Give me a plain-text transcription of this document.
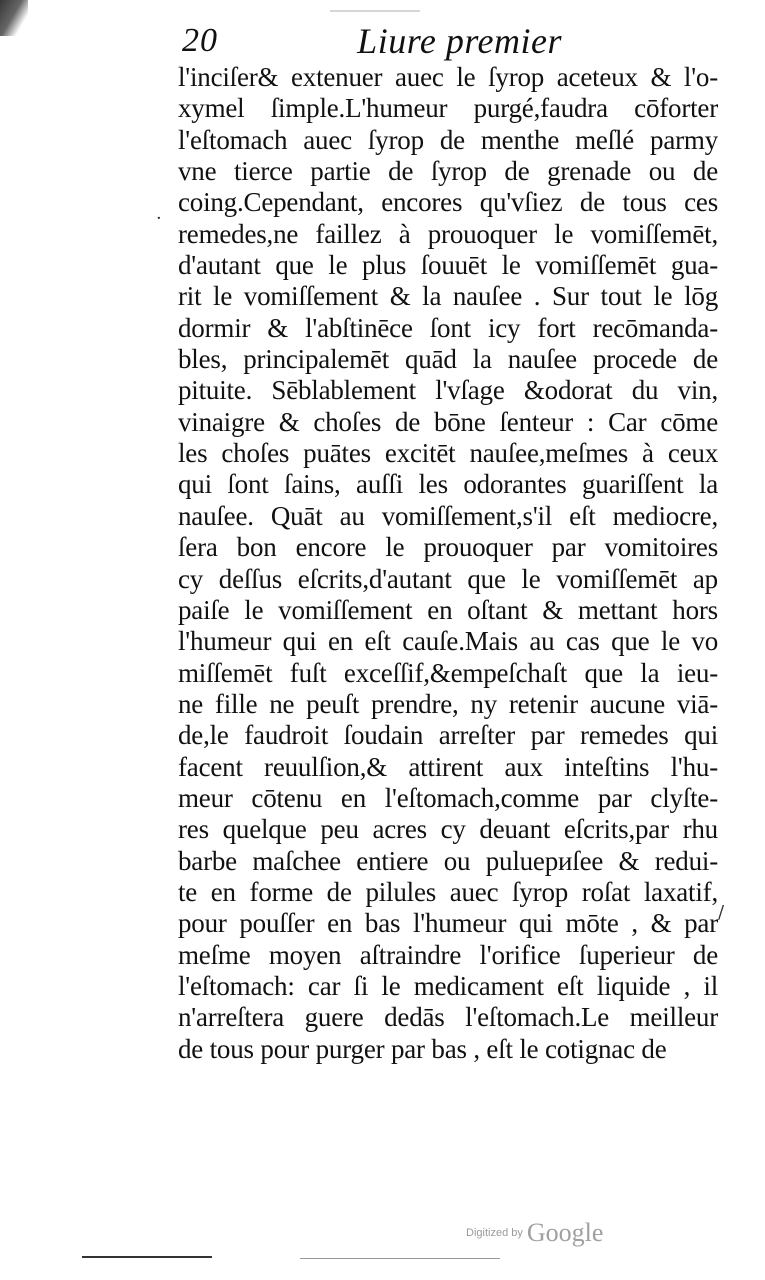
20	Liure premier
l'inciſer& extenuer auec le ſyrop aceteux & l'o-
xymel ſimple.L'humeur purgé,faudra cōforter
l'eſtomach auec ſyrop de menthe meſlé parmy
vne tierce partie de ſyrop de grenade ou de
coing.Cependant, encores qu'vſiez de tous ces
remedes,ne faillez à prouoquer le vomiſſemēt,
d'autant que le plus ſouuēt le vomiſſemēt gua-
rit le vomiſſement & la nauſee . Sur tout le lōg
dormir & l'abſtinēce ſont icy fort recōmanda-
bles, principalemēt quād la nauſee procede de
pituite. Sēblablement l'vſage &odorat du vin,
vinaigre & choſes de bōne ſenteur : Car cōme
les choſes puātes excitēt nauſee,meſmes à ceux
qui ſont ſains, auſſi les odorantes guariſſent la
nauſee. Quāt au vomiſſement,s'il eſt mediocre,
ſera bon encore le prouoquer par vomitoires
cy deſſus eſcrits,d'autant que le vomiſſemēt ap
paiſe le vomiſſement en oſtant & mettant hors
l'humeur qui en eſt cauſe.Mais au cas que le vo
miſſemēt fuſt exceſſif,&empeſchaſt que la ieu-
ne fille ne peuſt prendre, ny retenir aucune viā-
de,le faudroit ſoudain arreſter par remedes qui
facent reuulſion,& attirent aux inteſtins l'hu-
meur cōtenu en l'eſtomach,comme par clyſte-
res quelque peu acres cy deuant eſcrits,par rhu
barbe maſchee entiere ou puluериſee & redui-
te en forme de pilules auec ſyrop roſat laxatif,
pour pouſſer en bas l'humeur qui mōte , & par
meſme moyen aſtraindre l'orifice ſuperieur de
l'eſtomach: car ſi le medicament eſt liquide , il
n'arreſtera guere dedās l'eſtomach.Le meilleur
de tous pour purger par bas , eſt le cotignac de
·
/
Digitized by Google
